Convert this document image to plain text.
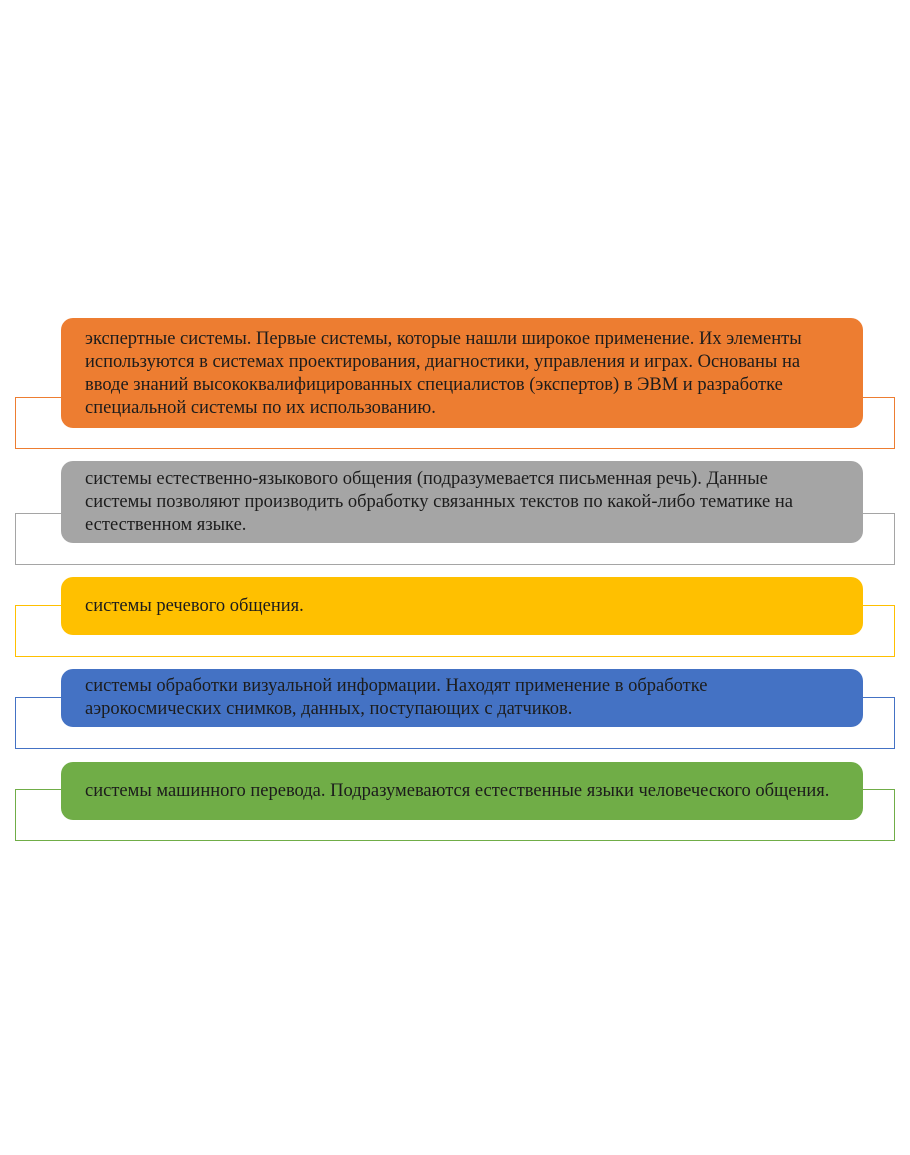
экспертные системы. Первые системы, которые нашли широкое применение. Их элементы используются в системах проектирования, диагностики, управления и играх. Основаны на вводе знаний высококвалифицированных специалистов (экспертов) в ЭВМ и разработке специальной системы по их использованию.
системы естественно-языкового общения (подразумевается письменная речь). Данные системы позволяют производить обработку связанных текстов по какой-либо тематике на естественном языке.
системы речевого общения.
системы обработки визуальной информации. Находят применение в обработке аэрокосмических снимков, данных, поступающих с датчиков.
системы машинного перевода. Подразумеваются естественные языки человеческого общения.
